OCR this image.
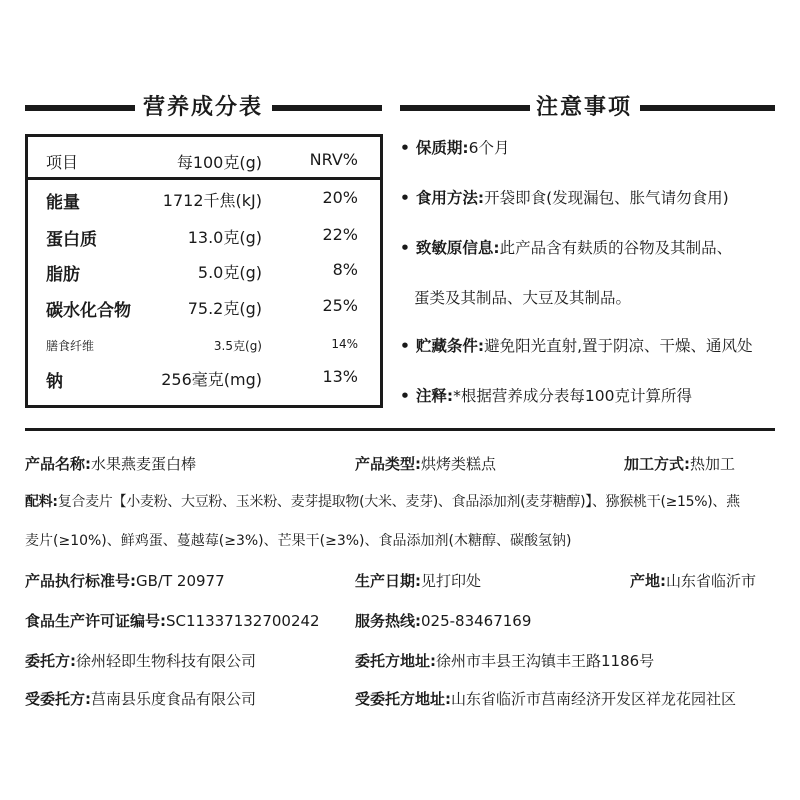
营养成分表	注意事项
项目	每100克(g)	NRV%
能量	1712千焦(kJ)	20%
蛋白质	13.0克(g)	22%
脂肪	5.0克(g)	8%
碳水化合物	75.2克(g)	25%
膳食纤维	3.5克(g)	14%
钠	256毫克(mg)	13%
• 保质期:6个月
• 食用方法:开袋即食(发现漏包、胀气请勿食用)
• 致敏原信息:此产品含有麸质的谷物及其制品、
蛋类及其制品、大豆及其制品。
• 贮藏条件:避免阳光直射,置于阴凉、干燥、通风处
• 注释:*根据营养成分表每100克计算所得
产品名称:水果燕麦蛋白棒	产品类型:烘烤类糕点	加工方式:热加工
配料:复合麦片【小麦粉、大豆粉、玉米粉、麦芽提取物(大米、麦芽)、食品添加剂(麦芽糖醇)】、猕猴桃干(≥15%)、燕
麦片(≥10%)、鲜鸡蛋、蔓越莓(≥3%)、芒果干(≥3%)、食品添加剂(木糖醇、碳酸氢钠)
产品执行标准号:GB/T 20977	生产日期:见打印处	产地:山东省临沂市
食品生产许可证编号:SC11337132700242 服务热线:025-83467169
委托方:徐州轻即生物科技有限公司	委托方地址:徐州市丰县王沟镇丰王路1186号
受委托方:莒南县乐度食品有限公司	受委托方地址:山东省临沂市莒南经济开发区祥龙花园社区
